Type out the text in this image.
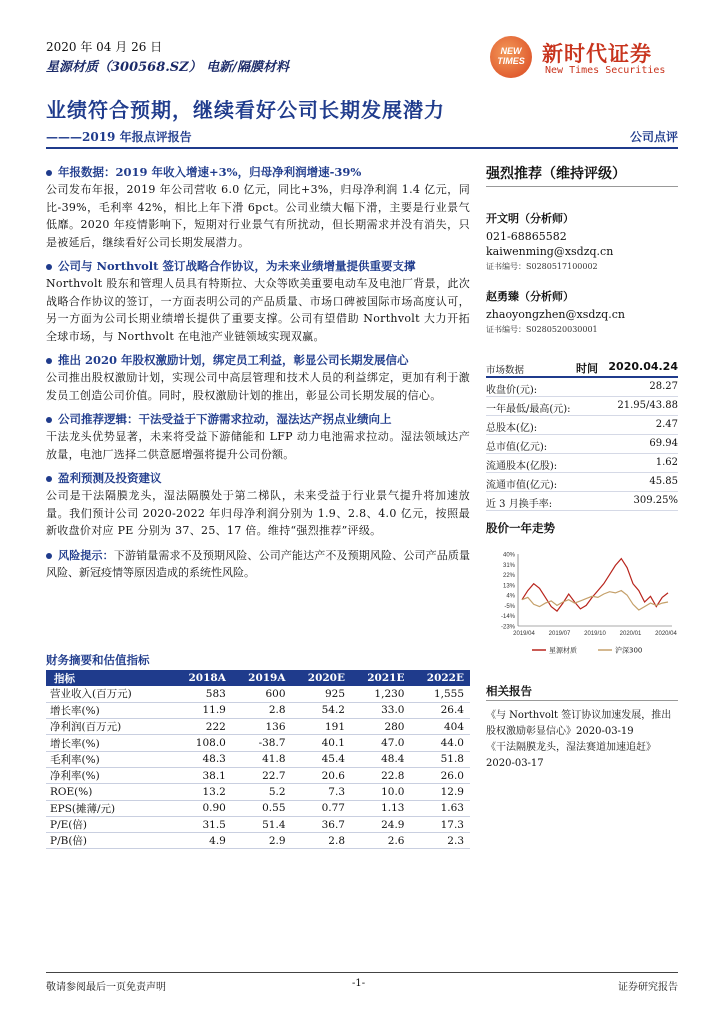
2020 年 04 月 26 日
星源材质（300568.SZ） 电新/隔膜材料
NEW TIMES 新时代证券
New Times Securities
业绩符合预期，继续看好公司长期发展潜力
———2019 年报点评报告	公司点评
年报数据：2019 年收入增速+3%，归母净利润增速-39%
公司发布年报，2019 年公司营收 6.0 亿元，同比+3%，归母净利润 1.4 亿元，同比-39%，毛利率 42%，相比上年下滑 6pct。公司业绩大幅下滑，主要是行业景气低靡。2020 年疫情影响下，短期对行业景气有所扰动，但长期需求并没有消失，只是被延后，继续看好公司长期发展潜力。
公司与 Northvolt 签订战略合作协议，为未来业绩增量提供重要支撑
Northvolt 股东和管理人员具有特斯拉、大众等欧美重要电动车及电池厂背景，此次战略合作协议的签订，一方面表明公司的产品质量、市场口碑被国际市场高度认可，另一方面为公司长期业绩增长提供了重要支撑。公司有望借助 Northvolt 大力开拓全球市场，与 Northvolt 在电池产业链领域实现双赢。
推出 2020 年股权激励计划，绑定员工利益，彰显公司长期发展信心
公司推出股权激励计划，实现公司中高层管理和技术人员的利益绑定，更加有利于激发员工创造公司价值。同时，股权激励计划的推出，彰显公司长期发展的信心。
公司推荐逻辑：干法受益于下游需求拉动，湿法达产拐点业绩向上
干法龙头优势显著，未来将受益下游储能和 LFP 动力电池需求拉动。湿法领域达产放量，电池厂选择二供意愿增强将提升公司份额。
盈利预测及投资建议
公司是干法隔膜龙头，湿法隔膜处于第二梯队，未来受益于行业景气提升将加速放量。我们预计公司 2020-2022 年归母净利润分别为 1.9、2.8、4.0 亿元，按照最新收盘价对应 PE 分别为 37、25、17 倍。维持“强烈推荐”评级。
风险提示：下游销量需求不及预期风险、公司产能达产不及预期风险、公司产品质量风险、新冠疫情等原因造成的系统性风险。
财务摘要和估值指标
指标	2018A	2019A	2020E	2021E	2022E
营业收入(百万元)	583	600	925	1,230	1,555
增长率(%)	11.9	2.8	54.2	33.0	26.4
净利润(百万元)	222	136	191	280	404
增长率(%)	108.0	-38.7	40.1	47.0	44.0
毛利率(%)	48.3	41.8	45.4	48.4	51.8
净利率(%)	38.1	22.7	20.6	22.8	26.0
ROE(%)	13.2	5.2	7.3	10.0	12.9
EPS(摊薄/元)	0.90	0.55	0.77	1.13	1.63
P/E(倍)	31.5	51.4	36.7	24.9	17.3
P/B(倍)	4.9	2.9	2.8	2.6	2.3
强烈推荐（维持评级）
开文明（分析师）
021-68865582
kaiwenming@xsdzq.cn
证书编号：S0280517100002
赵勇臻（分析师）
zhaoyongzhen@xsdzq.cn
证书编号：S0280520030001
市场数据	时间 2020.04.24
收盘价(元):	28.27
一年最低/最高(元):	21.95/43.88
总股本(亿):	2.47
总市值(亿元):	69.94
流通股本(亿股):	1.62
流通市值(亿元):	45.85
近 3 月换手率:	309.25%
股价一年走势
40%
31%
22%
13%
4%
-5%
-14%
-23%
2019/04 2019/07 2019/10 2020/01 2020/04
星源材质	沪深300
相关报告
《与 Northvolt 签订协议加速发展，推出股权激励彰显信心》2020-03-19
《干法隔膜龙头，湿法赛道加速追赶》2020-03-17
敬请参阅最后一页免责声明	-1-	证券研究报告
